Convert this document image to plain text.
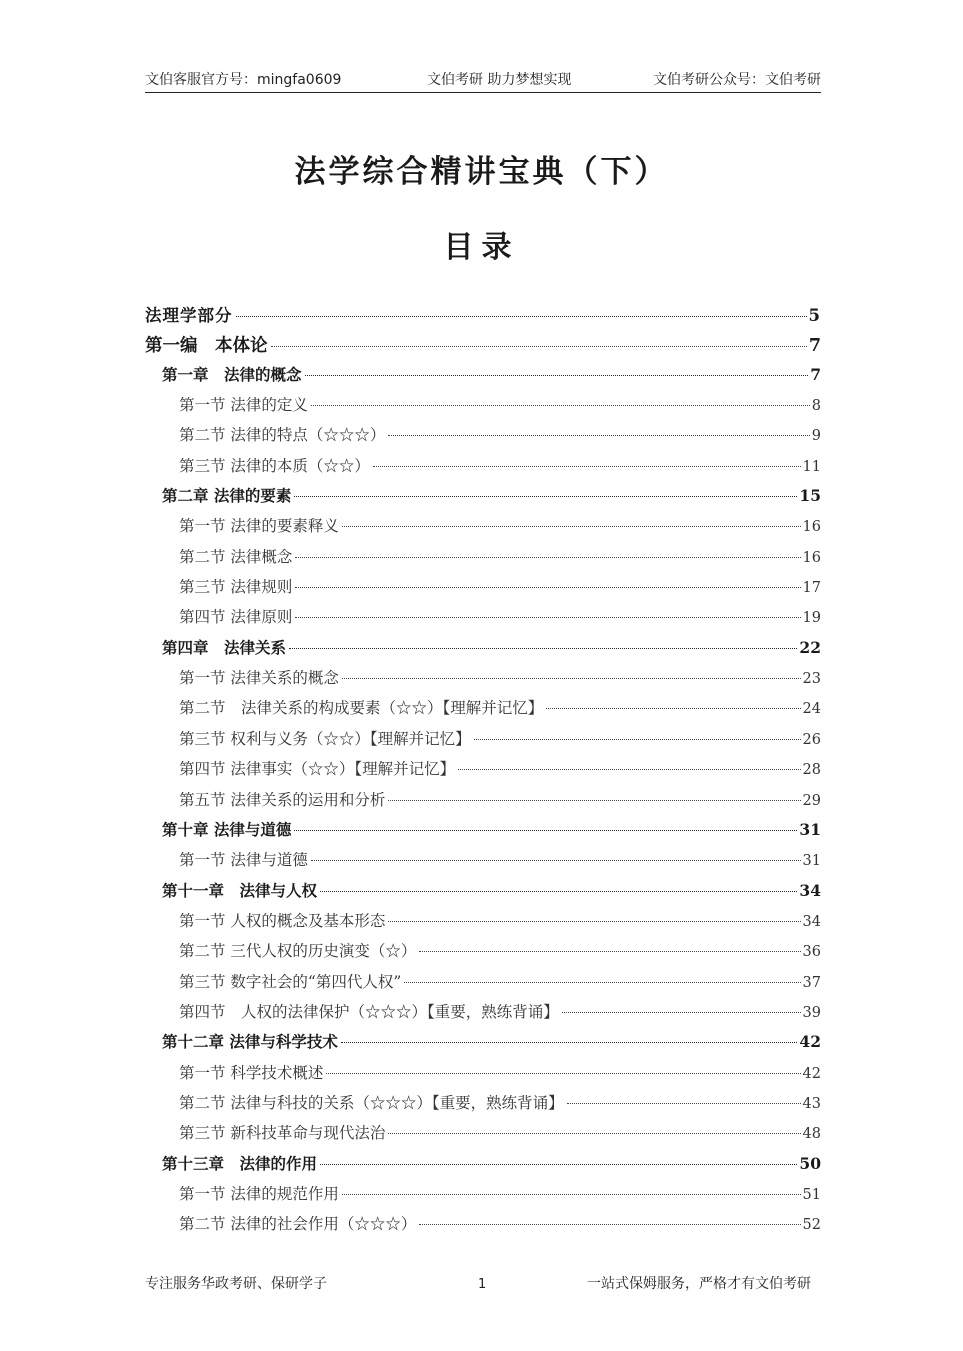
文伯客服官方号：mingfa0609	文伯考研 助力梦想实现	文伯考研公众号：文伯考研
法学综合精讲宝典（下）
目录
法理学部分	5
第一编　本体论	7
第一章　法律的概念	7
第一节 法律的定义	8
第二节 法律的特点（☆☆☆）	9
第三节 法律的本质（☆☆）	11
第二章 法律的要素	15
第一节 法律的要素释义	16
第二节 法律概念	16
第三节 法律规则	17
第四节 法律原则	19
第四章　法律关系	22
第一节 法律关系的概念	23
第二节　法律关系的构成要素（☆☆）【理解并记忆】	24
第三节 权利与义务（☆☆）【理解并记忆】	26
第四节 法律事实（☆☆）【理解并记忆】	28
第五节 法律关系的运用和分析	29
第十章 法律与道德	31
第一节 法律与道德	31
第十一章　法律与人权	34
第一节 人权的概念及基本形态	34
第二节 三代人权的历史演变（☆）	36
第三节 数字社会的“第四代人权”	37
第四节　人权的法律保护（☆☆☆）【重要，熟练背诵】	39
第十二章 法律与科学技术	42
第一节 科学技术概述	42
第二节 法律与科技的关系（☆☆☆）【重要，熟练背诵】	43
第三节 新科技革命与现代法治	48
第十三章　法律的作用	50
第一节 法律的规范作用	51
第二节 法律的社会作用（☆☆☆）	52
专注服务华政考研、保研学子	1	一站式保姆服务，严格才有文伯考研
